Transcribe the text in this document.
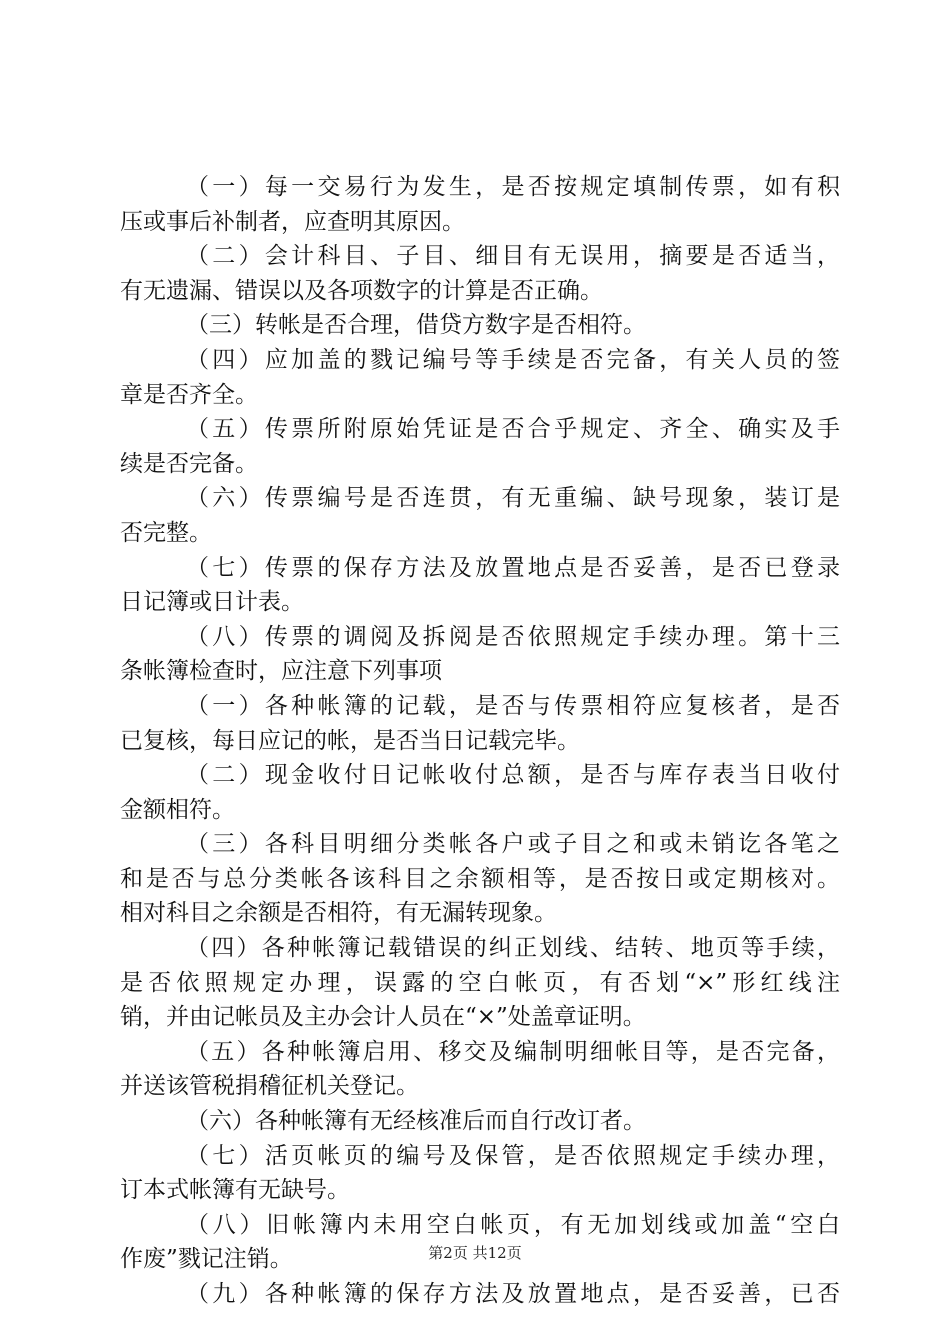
（一）每一交易行为发生，是否按规定填制传票，如有积
压或事后补制者，应查明其原因。
（二）会计科目、子目、细目有无误用，摘要是否适当，
有无遗漏、错误以及各项数字的计算是否正确。
（三）转帐是否合理，借贷方数字是否相符。
（四）应加盖的戮记编号等手续是否完备，有关人员的签
章是否齐全。
（五）传票所附原始凭证是否合乎规定、齐全、确实及手
续是否完备。
（六）传票编号是否连贯，有无重编、缺号现象，装订是
否完整。
（七）传票的保存方法及放置地点是否妥善，是否已登录
日记簿或日计表。
（八）传票的调阅及拆阅是否依照规定手续办理。第十三
条帐簿检查时，应注意下列事项
（一）各种帐簿的记载，是否与传票相符应复核者，是否
已复核，每日应记的帐，是否当日记载完毕。
（二）现金收付日记帐收付总额，是否与库存表当日收付
金额相符。
（三）各科目明细分类帐各户或子目之和或未销讫各笔之
和是否与总分类帐各该科目之余额相等，是否按日或定期核对。
相对科目之余额是否相符，有无漏转现象。
（四）各种帐簿记载错误的纠正划线、结转、地页等手续，
是否依照规定办理，误露的空白帐页，有否划“×”形红线注
销，并由记帐员及主办会计人员在“×”处盖章证明。
（五）各种帐簿启用、移交及编制明细帐目等，是否完备，
并送该管税捐稽征机关登记。
（六）各种帐簿有无经核准后而自行改订者。
（七）活页帐页的编号及保管，是否依照规定手续办理，
订本式帐簿有无缺号。
（八）旧帐簿内未用空白帐页，有无加划线或加盖“空白
作废”戮记注销。
（九）各种帐簿的保存方法及放置地点，是否妥善，已否
第2页 共12页
